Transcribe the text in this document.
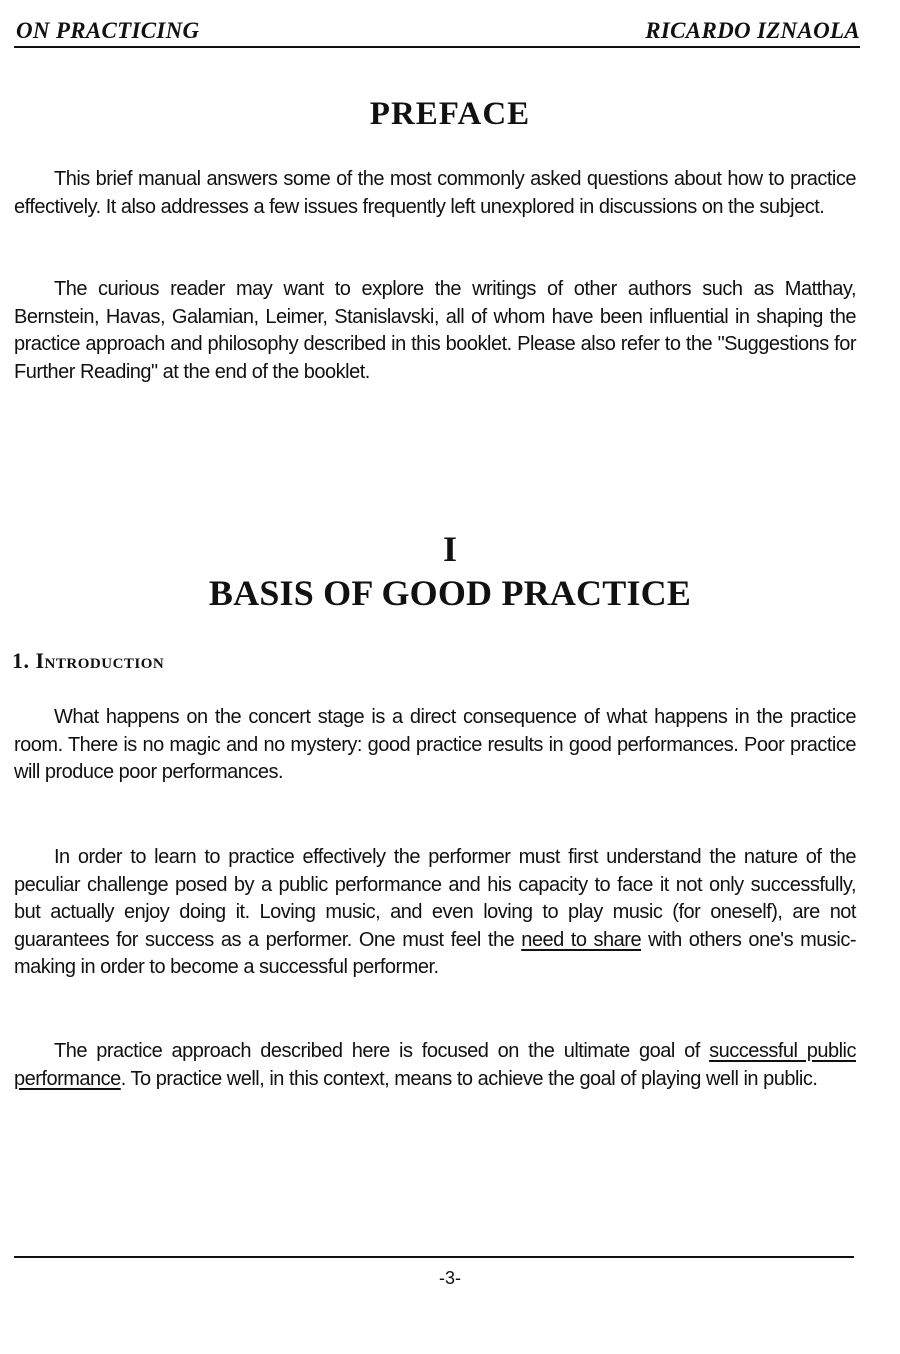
ON PRACTICING	RICARDO IZNAOLA
PREFACE

This brief manual answers some of the most commonly asked questions about how to practice effectively. It also addresses a few issues frequently left unexplored in discussions on the subject.

The curious reader may want to explore the writings of other authors such as Matthay, Bernstein, Havas, Galamian, Leimer, Stanislavski, all of whom have been influential in shaping the practice approach and philosophy described in this booklet. Please also refer to the "Suggestions for Further Reading" at the end of the booklet.

I
BASIS OF GOOD PRACTICE
1. Introduction

What happens on the concert stage is a direct consequence of what happens in the practice room. There is no magic and no mystery: good practice results in good performances. Poor practice will produce poor performances.

In order to learn to practice effectively the performer must first understand the nature of the peculiar challenge posed by a public performance and his capacity to face it not only successfully, but actually enjoy doing it. Loving music, and even loving to play music (for oneself), are not guarantees for success as a performer. One must feel the need to share with others one's music-making in order to become a successful performer.

The practice approach described here is focused on the ultimate goal of successful public performance. To practice well, in this context, means to achieve the goal of playing well in public.

-3-
